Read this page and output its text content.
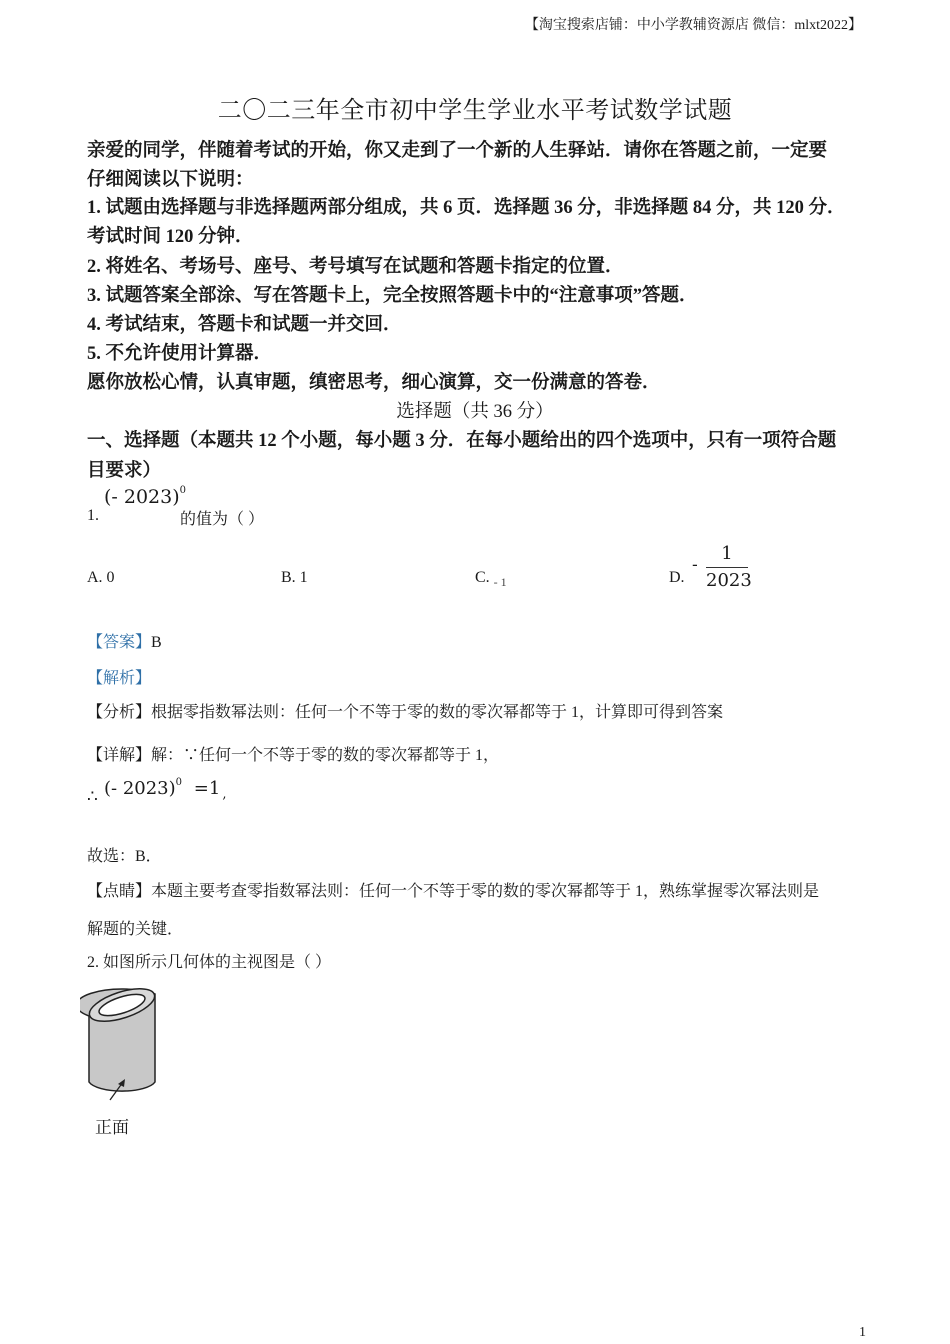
【淘宝搜索店铺：中小学教辅资源店 微信：mlxt2022】
二〇二三年全市初中学生学业水平考试数学试题
亲爱的同学，伴随着考试的开始，你又走到了一个新的人生驿站．请你在答题之前，一定要
仔细阅读以下说明：
1. 试题由选择题与非选择题两部分组成，共 6 页．选择题 36 分，非选择题 84 分，共 120 分．
考试时间 120 分钟．
2. 将姓名、考场号、座号、考号填写在试题和答题卡指定的位置．
3. 试题答案全部涂、写在答题卡上，完全按照答题卡中的“注意事项”答题．
4. 考试结束，答题卡和试题一并交回．
5. 不允许使用计算器．
愿你放松心情，认真审题，缜密思考，细心演算，交一份满意的答卷．
选择题（共 36 分）
一、选择题（本题共 12 个小题，每小题 3 分．在每小题给出的四个选项中，只有一项符合题
目要求）
1.
(- 2023)$^0$
的值为（ ）
A. 0	B. 1	C. $_{- 1}$	D.
-
1
2023
【答案】B
【解析】
【分析】根据零指数幂法则：任何一个不等于零的数的零次幂都等于 1，计算即可得到答案
【详解】解：∵任何一个不等于零的数的零次幂都等于 1，
∴ (- 2023)$^0$ =1 $_,$
故选：B．
【点睛】本题主要考查零指数幂法则：任何一个不等于零的数的零次幂都等于 1，熟练掌握零次幂法则是
解题的关键．
2. 如图所示几何体的主视图是（ ）
正面
1
